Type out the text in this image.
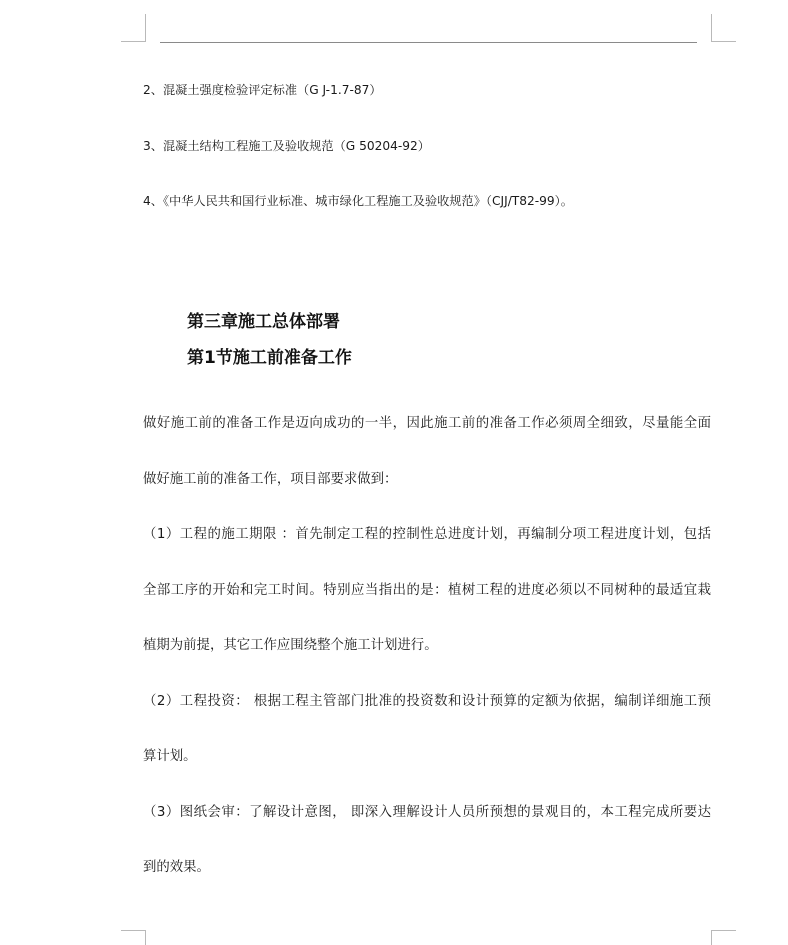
2、混凝土强度检验评定标准（G J-1.7-87）
3、混凝土结构工程施工及验收规范（G 50204-92）
4、《中华人民共和国行业标准、城市绿化工程施工及验收规范》（CJJ/T82-99）。
第三章施工总体部署
第1节施工前准备工作
做好施工前的准备工作是迈向成功的一半，因此施工前的准备工作必须周全细致，尽量能全面
做好施工前的准备工作，项目部要求做到：
（1）工程的施工期限 ：首先制定工程的控制性总进度计划，再编制分项工程进度计划，包括
全部工序的开始和完工时间。特别应当指出的是：植树工程的进度必须以不同树种的最适宜栽
植期为前提，其它工作应围绕整个施工计划进行。
（2）工程投资： 根据工程主管部门批准的投资数和设计预算的定额为依据，编制详细施工预
算计划。
（3）图纸会审：了解设计意图， 即深入理解设计人员所预想的景观目的，本工程完成所要达
到的效果。
